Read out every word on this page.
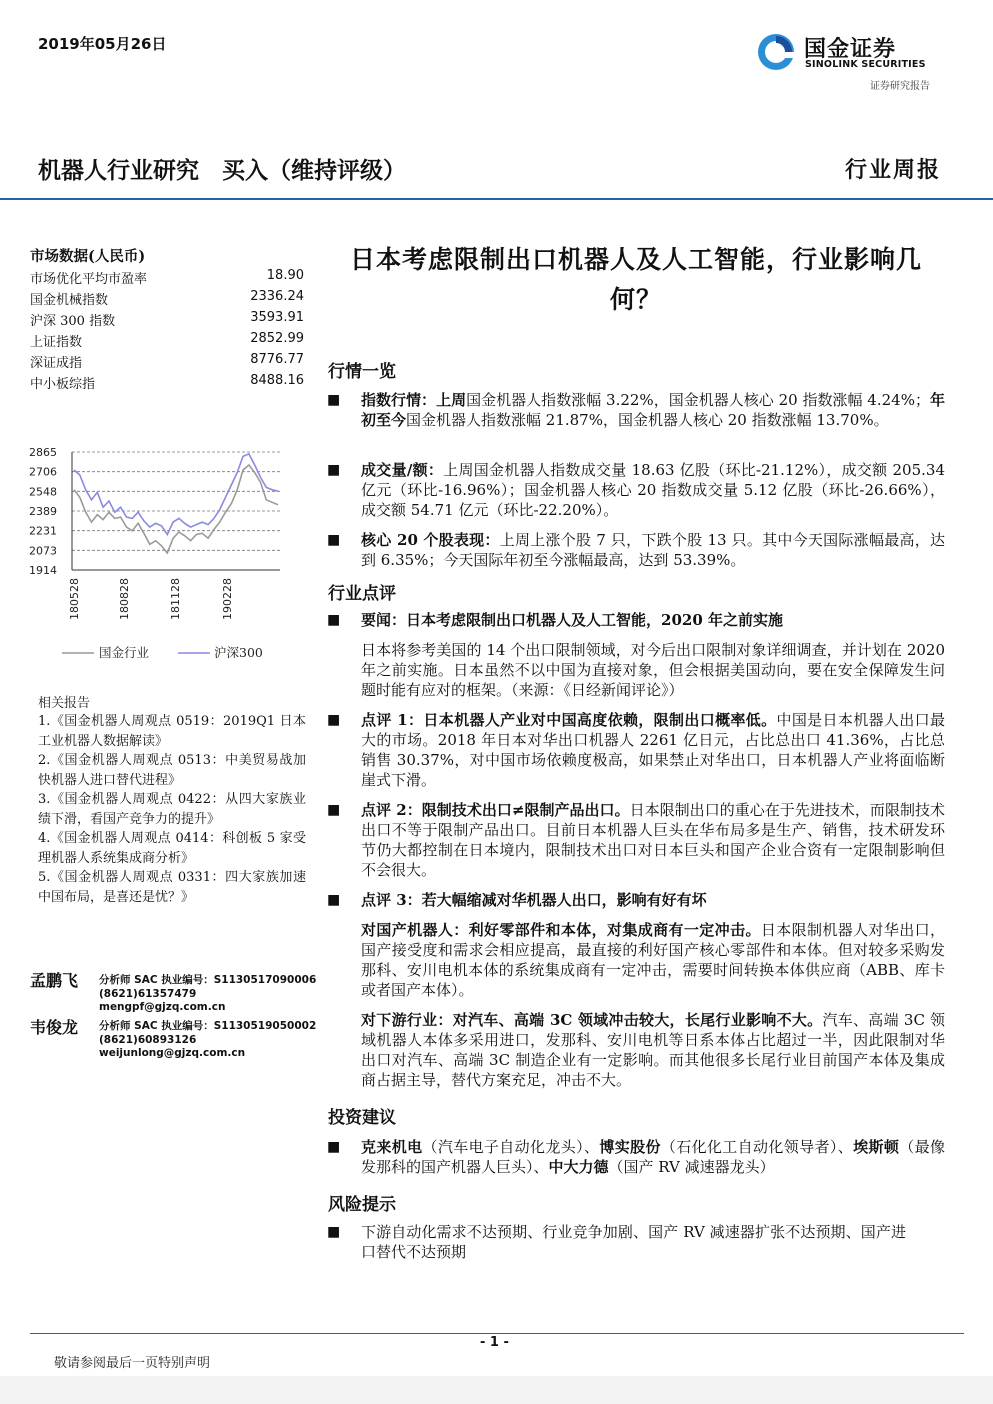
2019年05月26日	国金证券
SINOLINK SECURITIES
证券研究报告
机器人行业研究　买入（维持评级）	行业周报
市场数据(人民币)
市场优化平均市盈率	18.90
国金机械指数	2336.24
沪深 300 指数	3593.91
上证指数	2852.99
深证成指	8776.77
中小板综指	8488.16
2865
2706
2548
2389
2231
2073
1914
180528	180828	181128	190228
国金行业	沪深300
相关报告
1.《国金机器人周观点 0519：2019Q1 日本工业机器人数据解读》
2.《国金机器人周观点 0513：中美贸易战加快机器人进口替代进程》
3.《国金机器人周观点 0422：从四大家族业绩下滑，看国产竞争力的提升》
4.《国金机器人周观点 0414：科创板 5 家受理机器人系统集成商分析》
5.《国金机器人周观点 0331：四大家族加速中国布局，是喜还是忧？》
孟鹏飞 分析师 SAC 执业编号：S1130517090006
(8621)61357479
mengpf@gjzq.com.cn
韦俊龙 分析师 SAC 执业编号：S1130519050002
(8621)60893126
weijunlong@gjzq.com.cn
日本考虑限制出口机器人及人工智能，行业影响几何？
行情一览
■ 指数行情：上周国金机器人指数涨幅 3.22%，国金机器人核心 20 指数涨幅 4.24%；年初至今国金机器人指数涨幅 21.87%，国金机器人核心 20 指数涨幅 13.70%。
■ 成交量/额：上周国金机器人指数成交量 18.63 亿股（环比-21.12%），成交额 205.34 亿元（环比-16.96%）；国金机器人核心 20 指数成交量 5.12 亿股（环比-26.66%），成交额 54.71 亿元（环比-22.20%）。
■ 核心 20 个股表现：上周上涨个股 7 只，下跌个股 13 只。其中今天国际涨幅最高，达到 6.35%；今天国际年初至今涨幅最高，达到 53.39%。
行业点评
■ 要闻：日本考虑限制出口机器人及人工智能，2020 年之前实施
日本将参考美国的 14 个出口限制领域，对今后出口限制对象详细调查，并计划在 2020 年之前实施。日本虽然不以中国为直接对象，但会根据美国动向，要在安全保障发生问题时能有应对的框架。（来源：《日经新闻评论》）
■ 点评 1：日本机器人产业对中国高度依赖，限制出口概率低。中国是日本机器人出口最大的市场。2018 年日本对华出口机器人 2261 亿日元，占比总出口 41.36%，占比总销售 30.37%，对中国市场依赖度极高，如果禁止对华出口，日本机器人产业将面临断崖式下滑。
■ 点评 2：限制技术出口≠限制产品出口。日本限制出口的重心在于先进技术，而限制技术出口不等于限制产品出口。目前日本机器人巨头在华布局多是生产、销售，技术研发环节仍大都控制在日本境内，限制技术出口对日本巨头和国产企业合资有一定限制影响但不会很大。
■ 点评 3：若大幅缩减对华机器人出口，影响有好有坏
对国产机器人：利好零部件和本体，对集成商有一定冲击。日本限制机器人对华出口，国产接受度和需求会相应提高，最直接的利好国产核心零部件和本体。但对较多采购发那科、安川电机本体的系统集成商有一定冲击，需要时间转换本体供应商（ABB、库卡或者国产本体）。
对下游行业：对汽车、高端 3C 领域冲击较大，长尾行业影响不大。汽车、高端 3C 领域机器人本体多采用进口，发那科、安川电机等日系本体占比超过一半，因此限制对华出口对汽车、高端 3C 制造企业有一定影响。而其他很多长尾行业目前国产本体及集成商占据主导，替代方案充足，冲击不大。
投资建议
■ 克来机电（汽车电子自动化龙头）、博实股份（石化化工自动化领导者）、埃斯顿（最像发那科的国产机器人巨头）、中大力德（国产 RV 减速器龙头）
风险提示
■ 下游自动化需求不达预期、行业竞争加剧、国产 RV 减速器扩张不达预期、国产进口替代不达预期
- 1 -
敬请参阅最后一页特别声明
